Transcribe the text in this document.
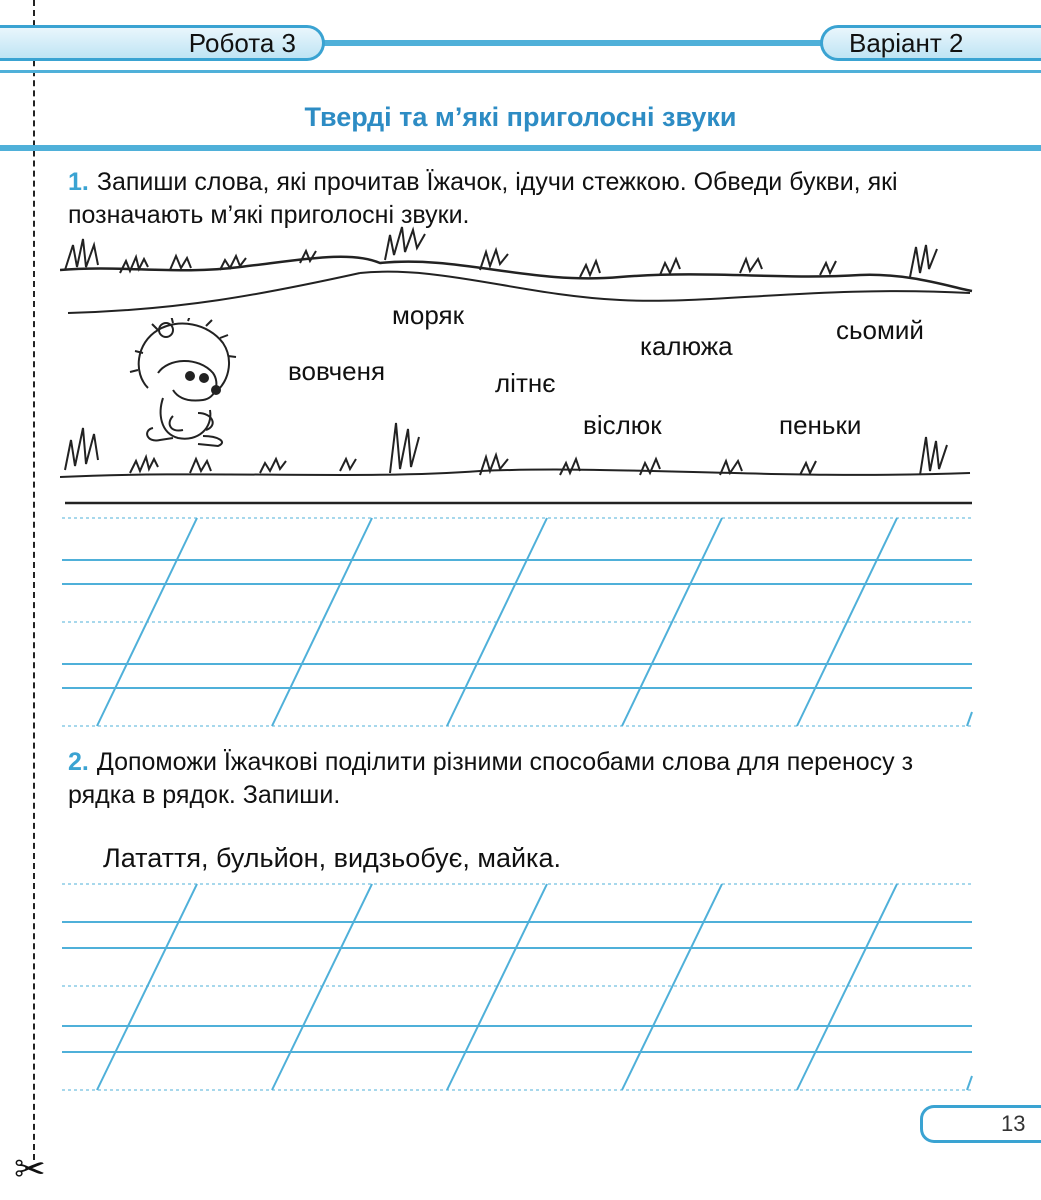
✂
Робота 3	Варіант 2
Тверді та м’які приголосні звуки
1. Запиши слова, які прочитав Їжачок, ідучи стежкою. Обведи букви, які позначають м’які приголосні звуки.
моряк	сьомий
калюжа
вовченя	літнє
віслюк	пеньки
2. Допоможи Їжачкові поділити різними способами слова для переносу з рядка в рядок. Запиши.
Латаття, бульйон, видзьобує, майка.
13
